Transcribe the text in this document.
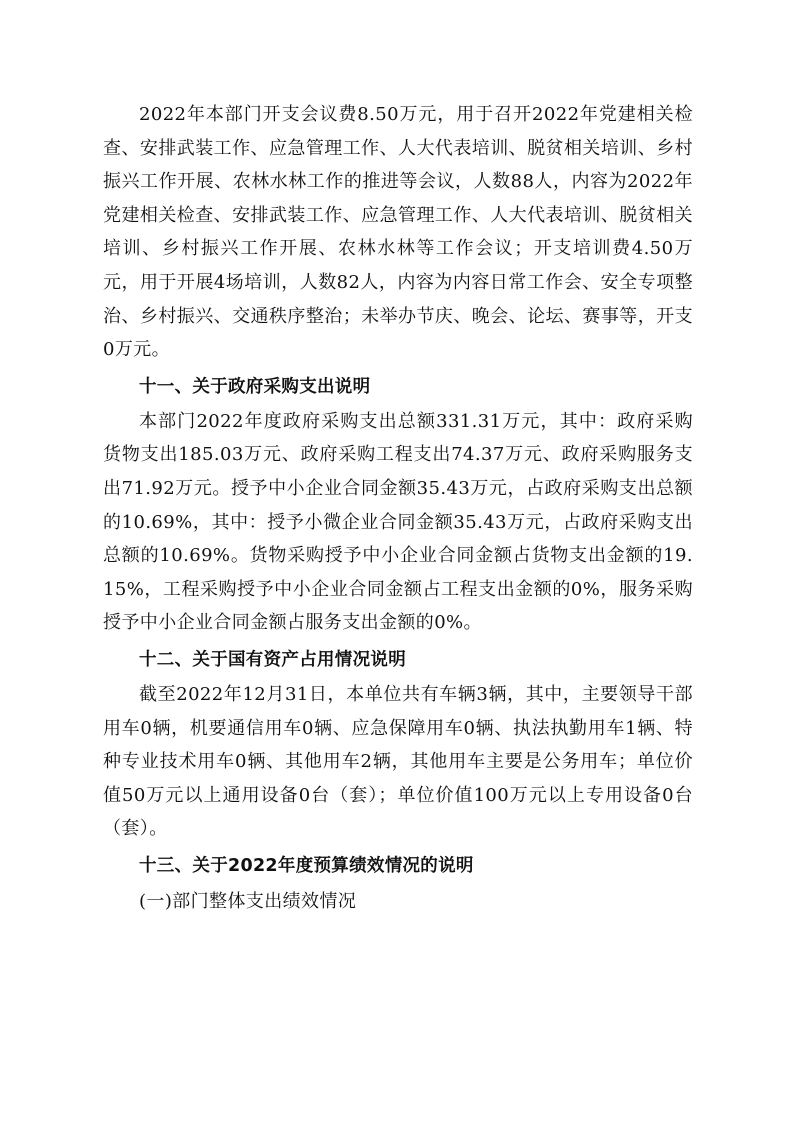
2022年本部门开支会议费8.50万元，用于召开2022年党建相关检查、安排武装工作、应急管理工作、人大代表培训、脱贫相关培训、乡村振兴工作开展、农林水林工作的推进等会议，人数88人，内容为2022年党建相关检查、安排武装工作、应急管理工作、人大代表培训、脱贫相关培训、乡村振兴工作开展、农林水林等工作会议；开支培训费4.50万元，用于开展4场培训，人数82人，内容为内容日常工作会、安全专项整治、乡村振兴、交通秩序整治；未举办节庆、晚会、论坛、赛事等，开支0万元。

十一、关于政府采购支出说明

本部门2022年度政府采购支出总额331.31万元，其中：政府采购货物支出185.03万元、政府采购工程支出74.37万元、政府采购服务支出71.92万元。授予中小企业合同金额35.43万元，占政府采购支出总额的10.69%，其中：授予小微企业合同金额35.43万元，占政府采购支出总额的10.69%。货物采购授予中小企业合同金额占货物支出金额的19.15%，工程采购授予中小企业合同金额占工程支出金额的0%，服务采购授予中小企业合同金额占服务支出金额的0%。

十二、关于国有资产占用情况说明

截至2022年12月31日，本单位共有车辆3辆，其中，主要领导干部用车0辆，机要通信用车0辆、应急保障用车0辆、执法执勤用车1辆、特种专业技术用车0辆、其他用车2辆，其他用车主要是公务用车；单位价值50万元以上通用设备0台（套）；单位价值100万元以上专用设备0台（套）。

十三、关于2022年度预算绩效情况的说明

(一)部门整体支出绩效情况
